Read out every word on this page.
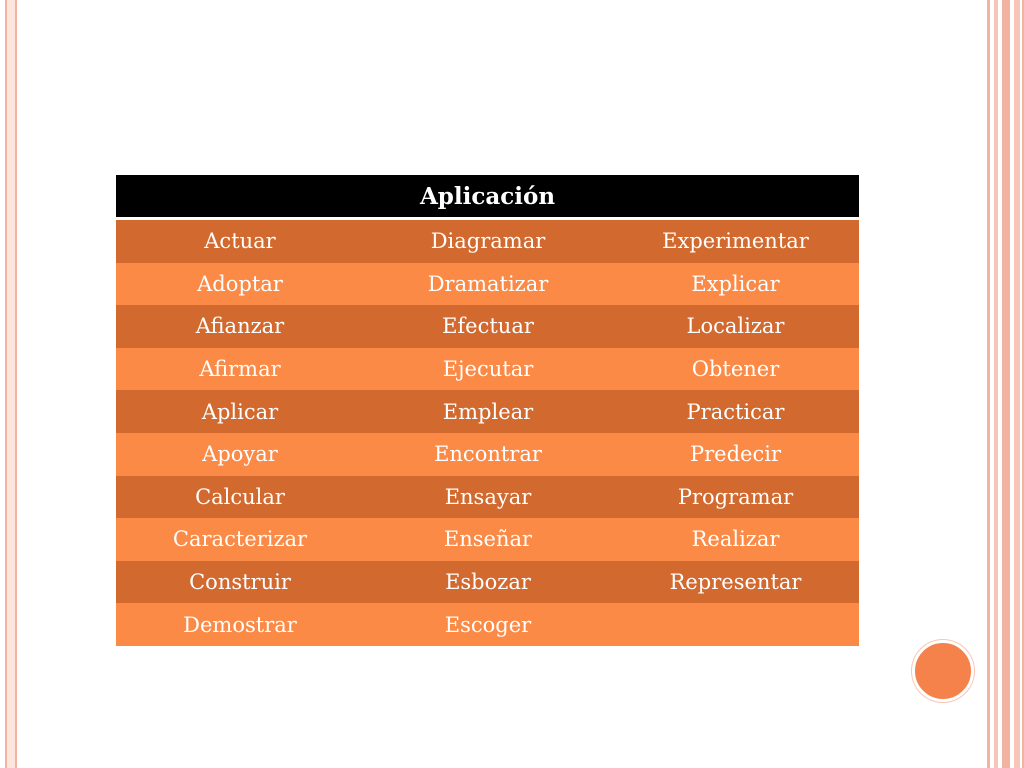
Aplicación		
Actuar	Diagramar	Experimentar
Adoptar	Dramatizar	Explicar
Afianzar	Efectuar	Localizar
Afirmar	Ejecutar	Obtener
Aplicar	Emplear	Practicar
Apoyar	Encontrar	Predecir
Calcular	Ensayar	Programar
Caracterizar	Enseñar	Realizar
Construir	Esbozar	Representar
Demostrar	Escoger	
